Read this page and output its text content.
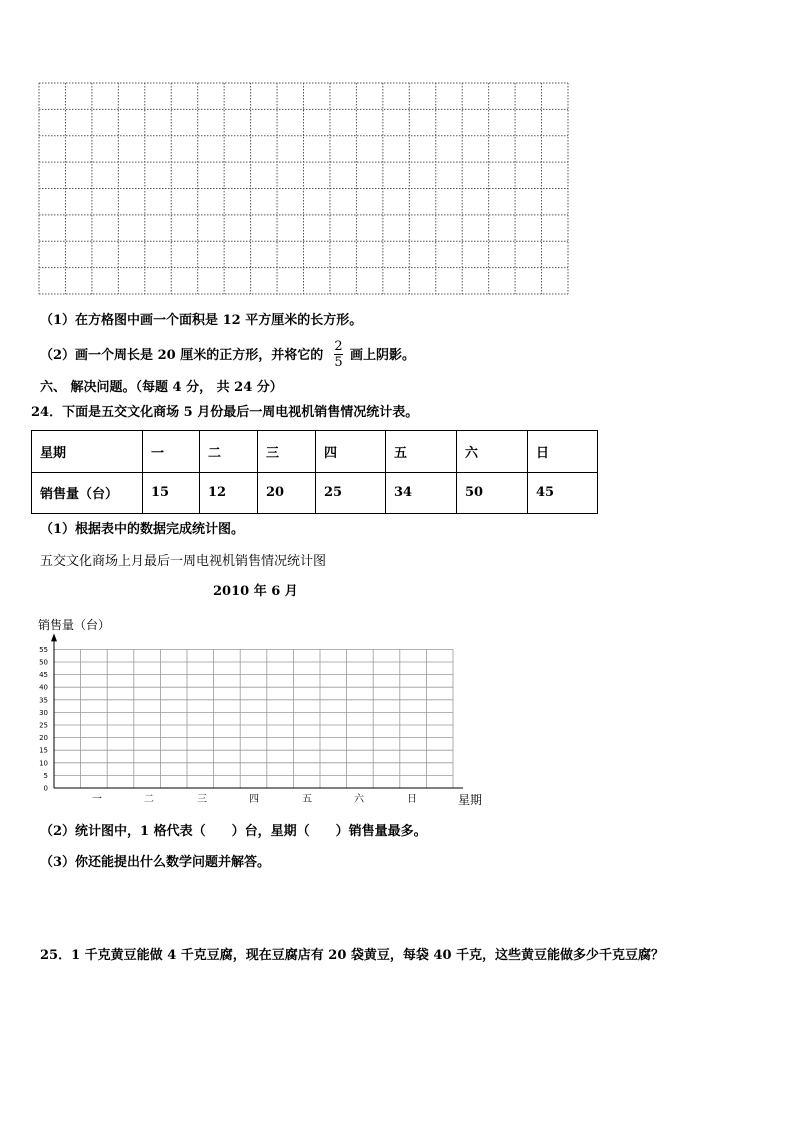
（1）在方格图中画一个面积是 12 平方厘米的长方形。
（2）画一个周长是 20 厘米的正方形，并将它的
2
5 画上阴影。
六、 解决问题。（每题 4 分， 共 24 分）
24．下面是五交文化商场 5 月份最后一周电视机销售情况统计表。
星期	一	二	三	四	五	六	日
销售量（台）	15	12	20	25	34	50	45
（1）根据表中的数据完成统计图。
五交文化商场上月最后一周电视机销售情况统计图
2010 年 6 月
0
5
10
15
20
25
30
35
40
45
50
55
销售量（台）
一	二	三	四	五	六	日	星期
（2）统计图中，1 格代表（　　）台，星期（　　）销售量最多。
（3）你还能提出什么数学问题并解答。
25．1 千克黄豆能做 4 千克豆腐，现在豆腐店有 20 袋黄豆，每袋 40 千克，这些黄豆能做多少千克豆腐？
